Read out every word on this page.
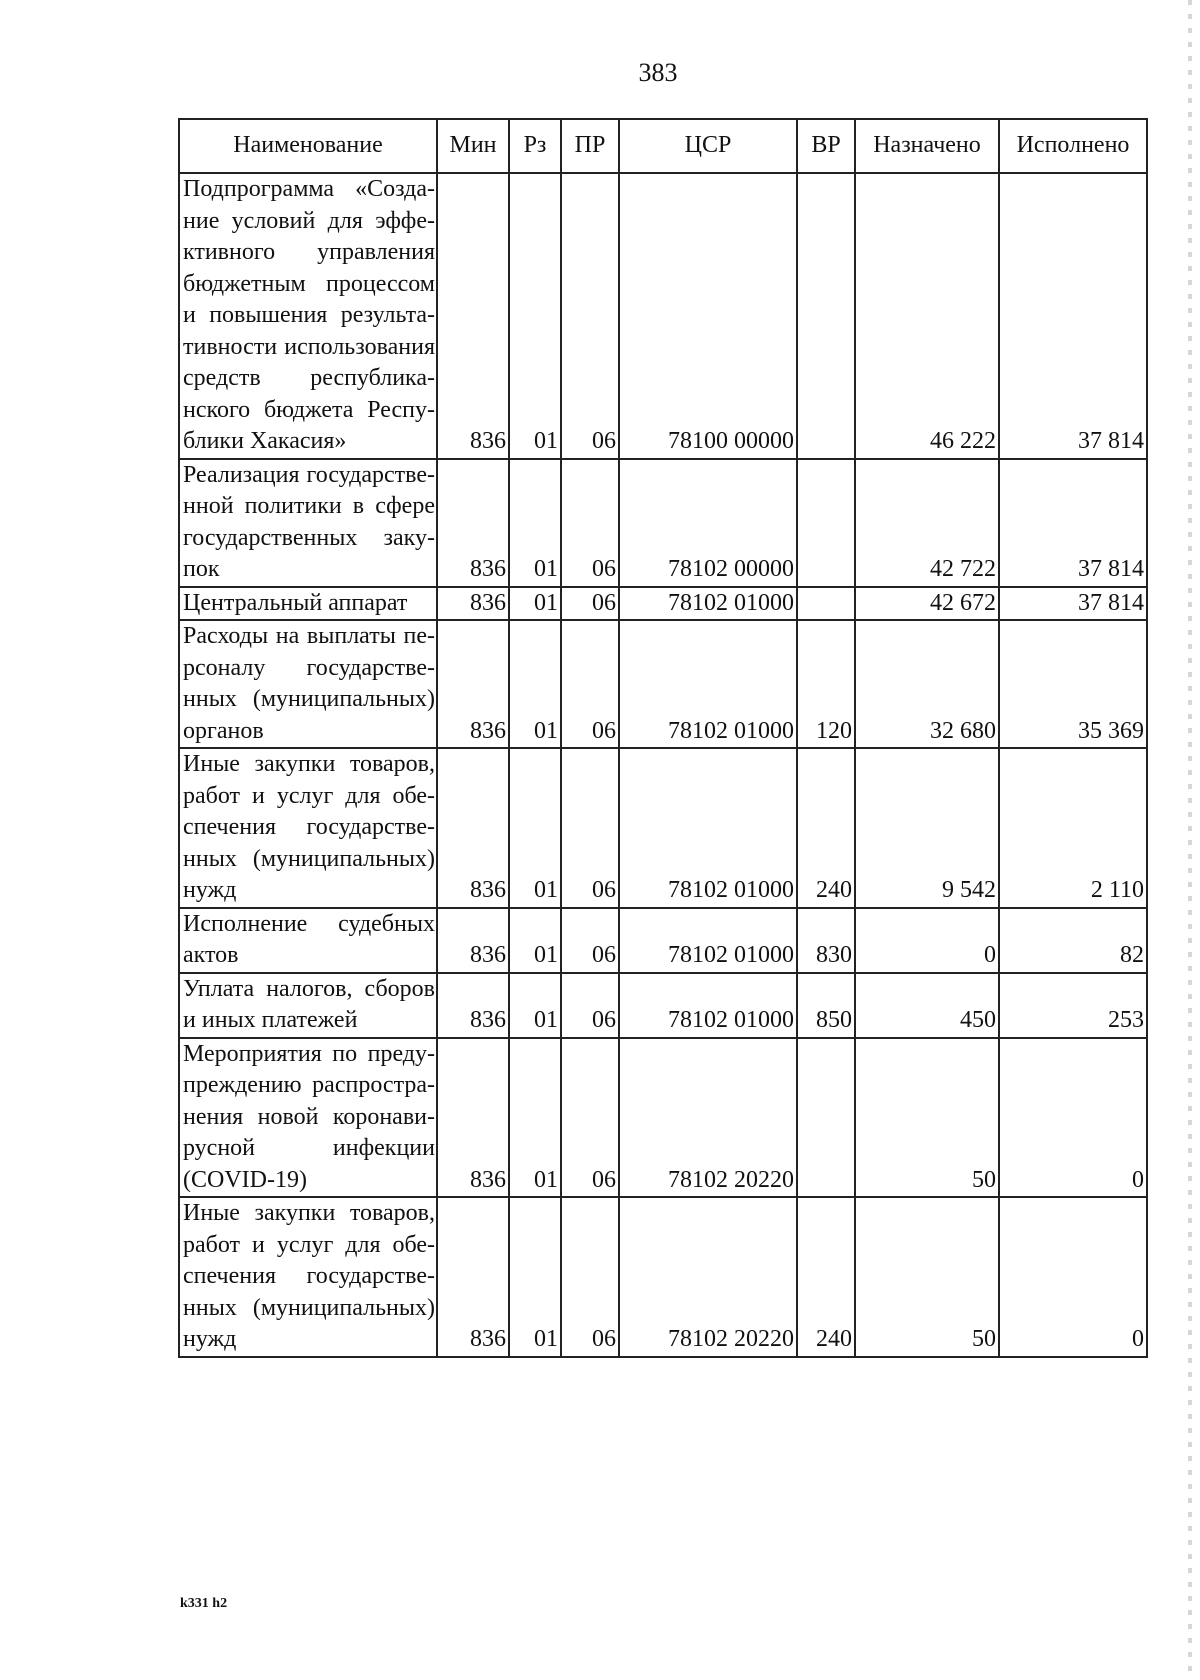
383
Наименование	Мин	Рз	ПР	ЦСР	ВР	Назначено	Исполнено
Подпрограмма «Создание условий для эффективного управления бюджетным процессом и повышения результативности использования средств республиканского бюджета Республики Хакасия»	836	01	06	78100 00000		46 222	37 814
Реализация государственной политики в сфере государственных закупок	836	01	06	78102 00000		42 722	37 814
Центральный аппарат	836	01	06	78102 01000		42 672	37 814
Расходы на выплаты персоналу государственных (муниципальных) органов	836	01	06	78102 01000	120	32 680	35 369
Иные закупки товаров, работ и услуг для обеспечения государственных (муниципальных) нужд	836	01	06	78102 01000	240	9 542	2 110
Исполнение судебных актов	836	01	06	78102 01000	830	0	82
Уплата налогов, сборов и иных платежей	836	01	06	78102 01000	850	450	253
Мероприятия по предупреждению распространения новой коронавирусной инфекции (COVID-19)	836	01	06	78102 20220		50	0
Иные закупки товаров, работ и услуг для обеспечения государственных (муниципальных) нужд	836	01	06	78102 20220	240	50	0
k331 h2
